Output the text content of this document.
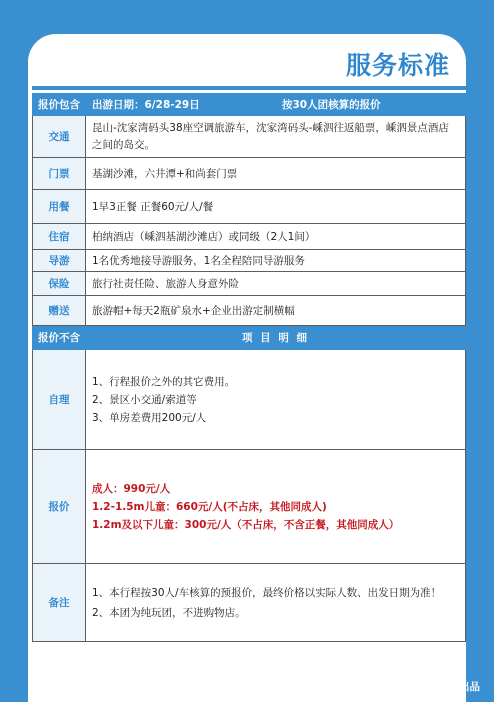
服务标准
报价包含	出游日期：6/28-29日 按30人团核算的报价
交通	昆山-沈家湾码头38座空调旅游车，沈家湾码头-嵊泗往返船票，嵊泗景点酒店之间的岛交。
门票	基湖沙滩，六井潭+和尚套门票
用餐	1早3正餐 正餐60元/人/餐
住宿	柏纳酒店（嵊泗基湖沙滩店）或同级（2人1间）
导游	1名优秀地接导游服务，1名全程陪同导游服务
保险	旅行社责任险、旅游人身意外险
赠送	旅游帽+每天2瓶矿泉水+企业出游定制横幅
报价不含	项 目 明 细
自理	1、行程报价之外的其它费用。
2、景区小交通/索道等
3、单房差费用200元/人

报价	成人：990元/人
1.2-1.5m儿童：660元/人(不占床，其他同成人)
1.2m及以下儿童：300元/人（不占床，不含正餐，其他同成人）

备注	1、本行程按30人/车核算的预报价，最终价格以实际人数、出发日期为准！
2、本团为纯玩团，不进购物店。
看之悦晓龙出品
